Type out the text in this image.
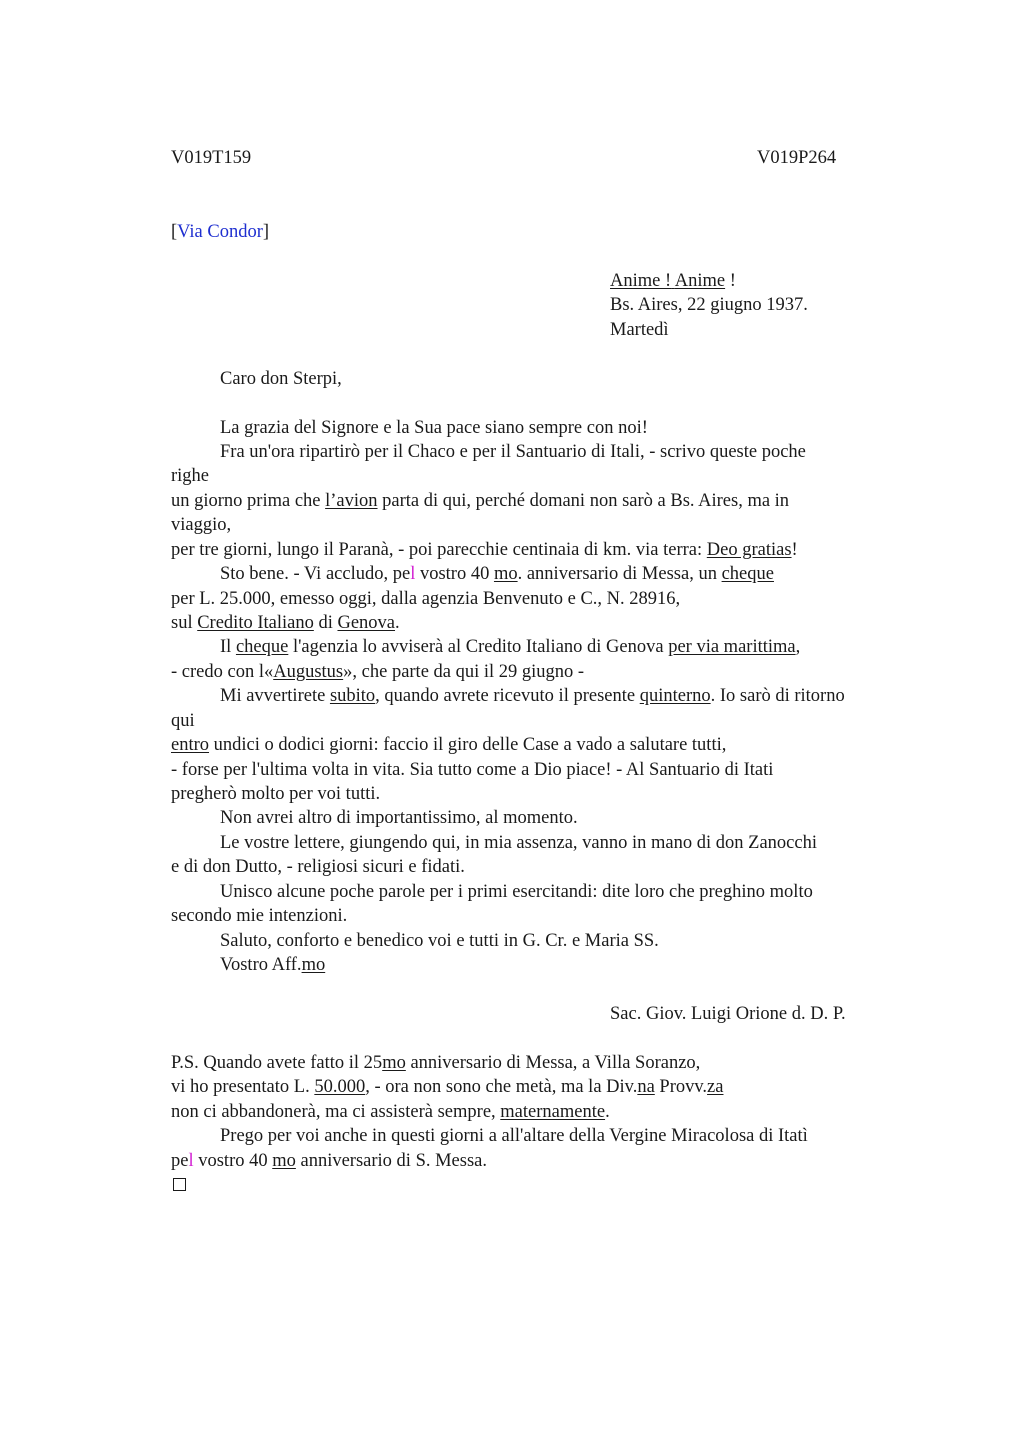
V019T159	V019P264
[Via Condor]
Anime ! Anime !
Bs. Aires, 22 giugno 1937.
Martedì
Caro don Sterpi,
La grazia del Signore e la Sua pace siano sempre con noi!
Fra un'ora ripartirò per il Chaco e per il Santuario di Itali, - scrivo queste poche
righe
un giorno prima che l’avion parta di qui, perché domani non sarò a Bs. Aires, ma in
viaggio,
per tre giorni, lungo il Paranà, - poi parecchie centinaia di km. via terra: Deo gratias!
Sto bene. - Vi accludo, pel vostro 40 mo. anniversario di Messa, un cheque
per L. 25.000, emesso oggi, dalla agenzia Benvenuto e C., N. 28916,
sul Credito Italiano di Genova.
Il cheque l'agenzia lo avviserà al Credito Italiano di Genova per via marittima,
- credo con l«Augustus», che parte da qui il 29 giugno -
Mi avvertirete subito, quando avrete ricevuto il presente quinterno. Io sarò di ritorno
qui
entro undici o dodici giorni: faccio il giro delle Case a vado a salutare tutti,
- forse per l'ultima volta in vita. Sia tutto come a Dio piace! - Al Santuario di Itati
pregherò molto per voi tutti.
Non avrei altro di importantissimo, al momento.
Le vostre lettere, giungendo qui, in mia assenza, vanno in mano di don Zanocchi
e di don Dutto, - religiosi sicuri e fidati.
Unisco alcune poche parole per i primi esercitandi: dite loro che preghino molto
secondo mie intenzioni.
Saluto, conforto e benedico voi e tutti in G. Cr. e Maria SS.
Vostro Aff.mo
Sac. Giov. Luigi Orione d. D. P.
P.S. Quando avete fatto il 25mo anniversario di Messa, a Villa Soranzo,
vi ho presentato L. 50.000, - ora non sono che metà, ma la Div.na Provv.za
non ci abbandonerà, ma ci assisterà sempre, maternamente.
Prego per voi anche in questi giorni a all'altare della Vergine Miracolosa di Itatì
pel vostro 40 mo anniversario di S. Messa.
